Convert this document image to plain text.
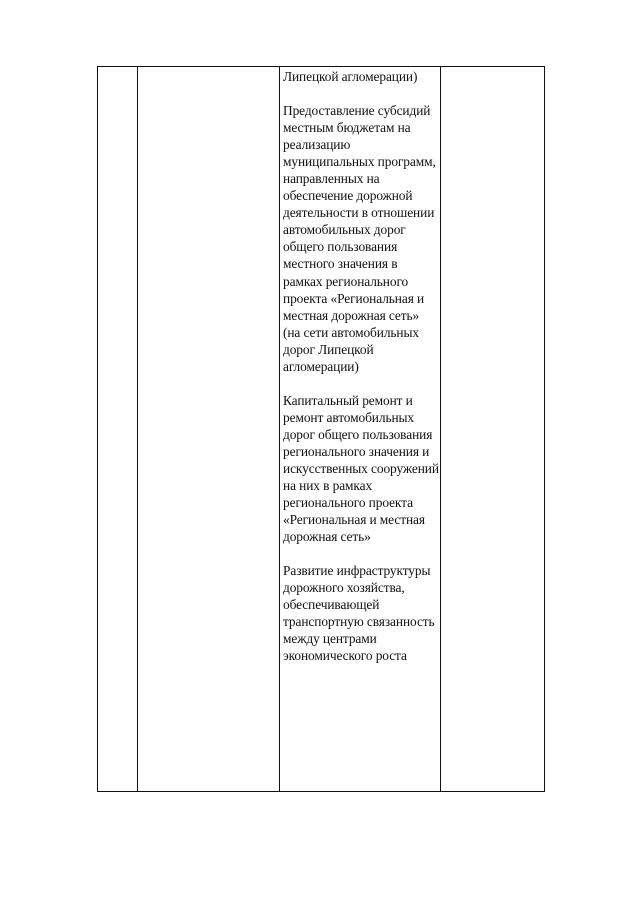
Липецкой агломерации)

Предоставление субсидий местным бюджетам на реализацию муниципальных программ, направленных на обеспечение дорожной деятельности в отношении автомобильных дорог общего пользования местного значения в рамках регионального проекта «Региональная и местная дорожная сеть» (на сети автомобильных дорог Липецкой агломерации)

Капитальный ремонт и ремонт автомобильных дорог общего пользования регионального значения и искусственных сооружений на них в рамках регионального проекта «Региональная и местная дорожная сеть»

Развитие инфраструктуры дорожного хозяйства, обеспечивающей транспортную связанность между центрами экономического роста
